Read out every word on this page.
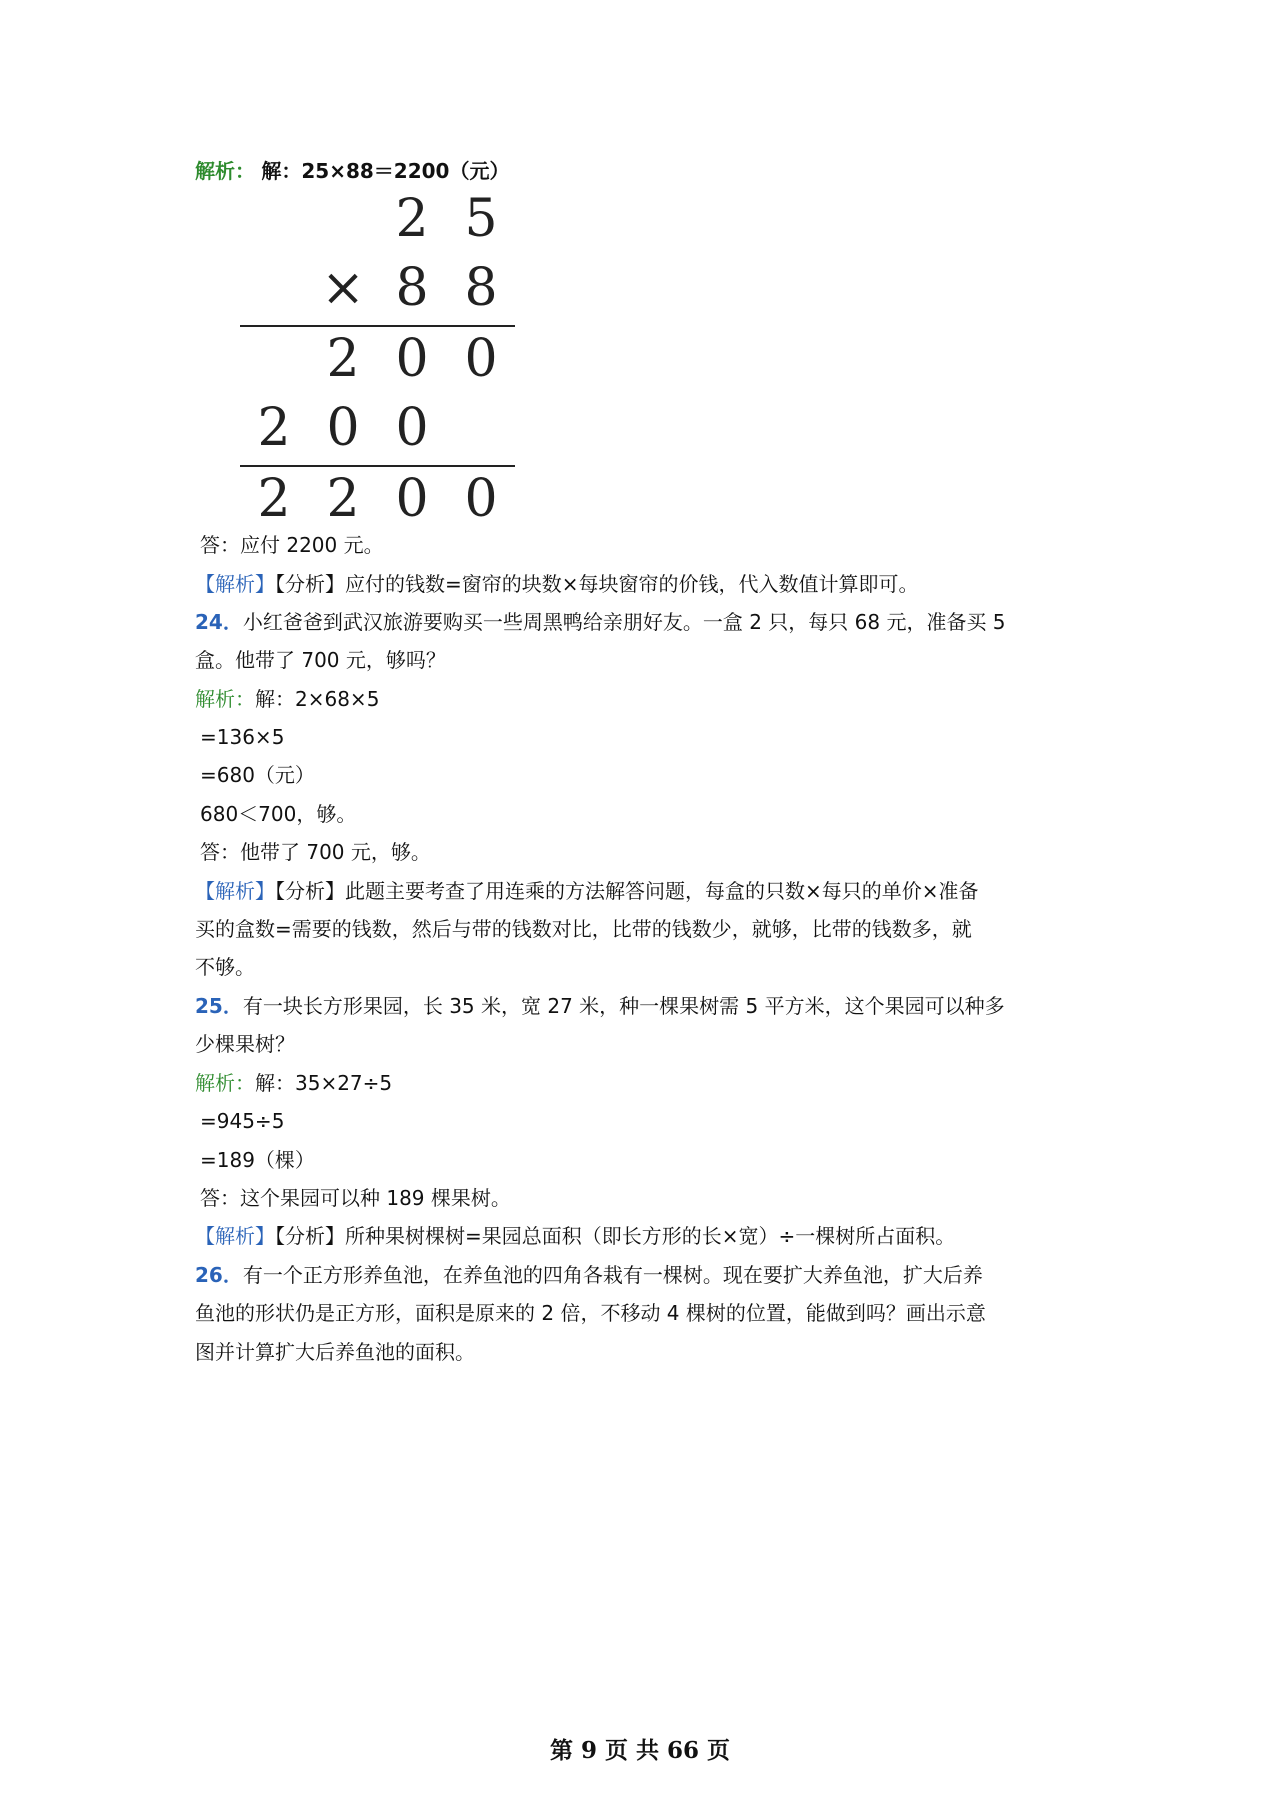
解析： 解：25×88＝2200（元）
2 5
× 8 8
2 0 0
2 0 0
2 2 0 0
答：应付 2200 元。
【解析】【分析】应付的钱数=窗帘的块数×每块窗帘的价钱，代入数值计算即可。
24．小红爸爸到武汉旅游要购买一些周黑鸭给亲朋好友。一盒 2 只，每只 68 元，准备买 5
盒。他带了 700 元，够吗？
解析：解：2×68×5
=136×5
=680（元）
680＜700，够。
答：他带了 700 元，够。
【解析】【分析】此题主要考查了用连乘的方法解答问题，每盒的只数×每只的单价×准备
买的盒数=需要的钱数，然后与带的钱数对比，比带的钱数少，就够，比带的钱数多，就
不够。
25．有一块长方形果园，长 35 米，宽 27 米，种一棵果树需 5 平方米，这个果园可以种多
少棵果树？
解析：解：35×27÷5
=945÷5
=189（棵）
答：这个果园可以种 189 棵果树。
【解析】【分析】所种果树棵树=果园总面积（即长方形的长×宽）÷一棵树所占面积。
26．有一个正方形养鱼池，在养鱼池的四角各栽有一棵树。现在要扩大养鱼池，扩大后养
鱼池的形状仍是正方形，面积是原来的 2 倍，不移动 4 棵树的位置，能做到吗？画出示意
图并计算扩大后养鱼池的面积。
第 9 页 共 66 页
